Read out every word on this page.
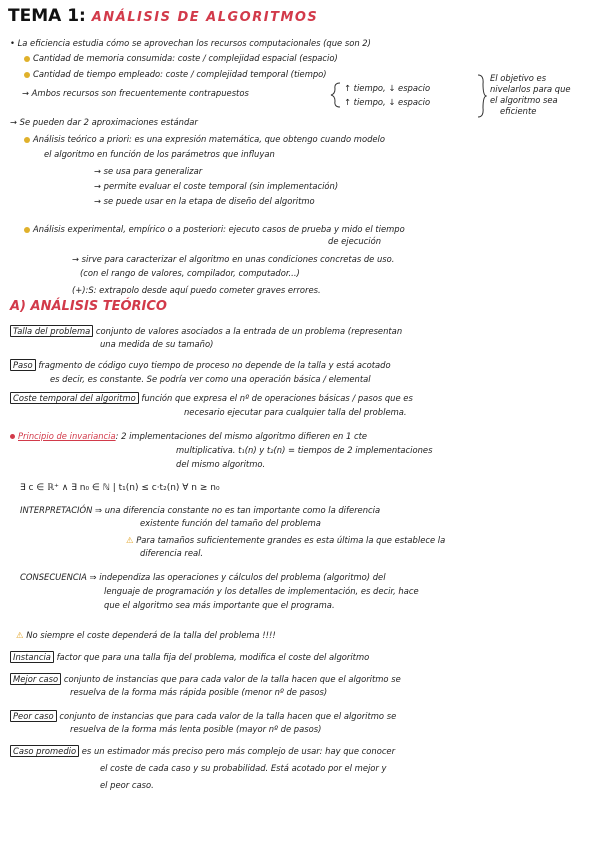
TEMA 1: ANÁLISIS DE ALGORITMOS
• La eficiencia estudia cómo se aprovechan los recursos computacionales (que son 2)
Cantidad de memoria consumida: coste / complejidad espacial (espacio)
Cantidad de tiempo empleado: coste / complejidad temporal (tiempo)
→ Ambos recursos son frecuentemente contrapuestos	↑ tiempo, ↓ espacio
↑ tiempo, ↓ espacio
El objetivo es
nivelarlos para que
el algoritmo sea
eficiente
→ Se pueden dar 2 aproximaciones estándar
Análisis teórico a priori: es una expresión matemática, que obtengo cuando modelo
el algoritmo en función de los parámetros que influyan
→ se usa para generalizar
→ permite evaluar el coste temporal (sin implementación)
→ se puede usar en la etapa de diseño del algoritmo
Análisis experimental, empírico o a posteriori: ejecuto casos de prueba y mido el tiempo
de ejecución
→ sirve para caracterizar el algoritmo en unas condiciones concretas de uso.
(con el rango de valores, compilador, computador...)
(+):S: extrapolo desde aquí puedo cometer graves errores.
A) ANÁLISIS TEÓRICO
Talla del problema conjunto de valores asociados a la entrada de un problema (representan
una medida de su tamaño)
Paso fragmento de código cuyo tiempo de proceso no depende de la talla y está acotado
es decir, es constante. Se podría ver como una operación básica / elemental
Coste temporal del algoritmo función que expresa el nº de operaciones básicas / pasos que es
necesario ejecutar para cualquier talla del problema.
Principio de invariancia: 2 implementaciones del mismo algoritmo difieren en 1 cte
multiplicativa. t₁(n) y t₂(n) = tiempos de 2 implementaciones
del mismo algoritmo.
∃ c ∈ ℝ⁺ ∧ ∃ n₀ ∈ ℕ | t₁(n) ≤ c·t₂(n) ∀ n ≥ n₀
INTERPRETACIÓN ⇒ una diferencia constante no es tan importante como la diferencia
existente función del tamaño del problema
⚠ Para tamaños suficientemente grandes es esta última la que establece la
diferencia real.
CONSECUENCIA ⇒ independiza las operaciones y cálculos del problema (algoritmo) del
lenguaje de programación y los detalles de implementación, es decir, hace
que el algoritmo sea más importante que el programa.
⚠ No siempre el coste dependerá de la talla del problema !!!!
Instancia factor que para una talla fija del problema, modifica el coste del algoritmo
Mejor caso conjunto de instancias que para cada valor de la talla hacen que el algoritmo se
resuelva de la forma más rápida posible (menor nº de pasos)
Peor caso conjunto de instancias que para cada valor de la talla hacen que el algoritmo se
resuelva de la forma más lenta posible (mayor nº de pasos)
Caso promedio es un estimador más preciso pero más complejo de usar: hay que conocer
el coste de cada caso y su probabilidad. Está acotado por el mejor y
el peor caso.
